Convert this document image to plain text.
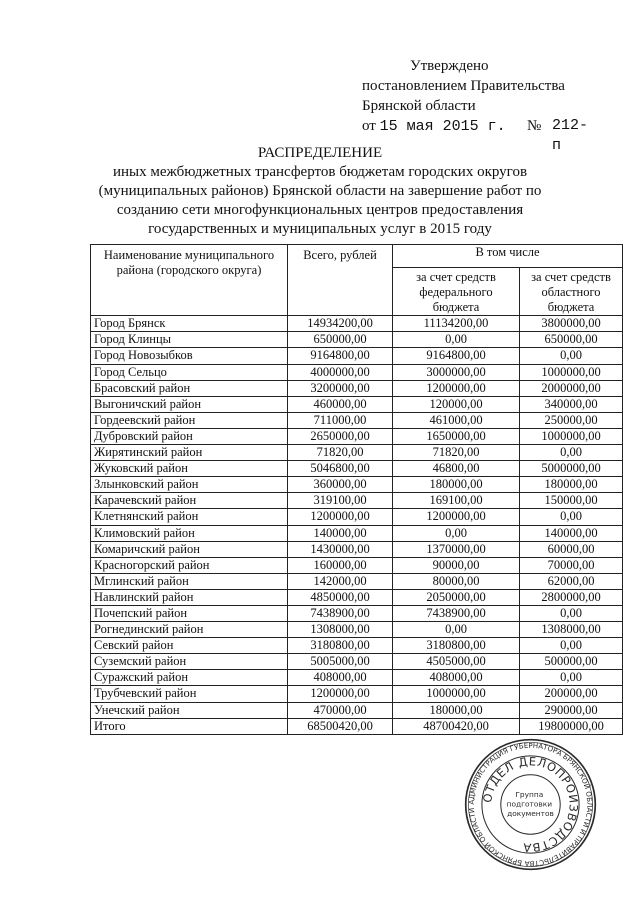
Утверждено
постановлением Правительства
Брянской области
от 15 мая 2015 г.	№ 212-п
РАСПРЕДЕЛЕНИЕ
иных межбюджетных трансфертов бюджетам городских округов
(муниципальных районов) Брянской области на завершение работ по
созданию сети многофункциональных центров предоставления
государственных и муниципальных услуг в 2015 году
Наименование муниципального района (городского округа)	Всего, рублей	В том числе	
		за счет средств федерального бюджета	за счет средств областного бюджета
Город Брянск	14934200,00	11134200,00	3800000,00
Город Клинцы	650000,00	0,00	650000,00
Город Новозыбков	9164800,00	9164800,00	0,00
Город Сельцо	4000000,00	3000000,00	1000000,00
Брасовский район	3200000,00	1200000,00	2000000,00
Выгоничский район	460000,00	120000,00	340000,00
Гордеевский район	711000,00	461000,00	250000,00
Дубровский район	2650000,00	1650000,00	1000000,00
Жирятинский район	71820,00	71820,00	0,00
Жуковский район	5046800,00	46800,00	5000000,00
Злынковский район	360000,00	180000,00	180000,00
Карачевский район	319100,00	169100,00	150000,00
Клетнянский район	1200000,00	1200000,00	0,00
Климовский район	140000,00	0,00	140000,00
Комаричский район	1430000,00	1370000,00	60000,00
Красногорский район	160000,00	90000,00	70000,00
Мглинский район	142000,00	80000,00	62000,00
Навлинский район	4850000,00	2050000,00	2800000,00
Почепский район	7438900,00	7438900,00	0,00
Рогнединский район	1308000,00	0,00	1308000,00
Севский район	3180800,00	3180800,00	0,00
Суземский район	5005000,00	4505000,00	500000,00
Суражский район	408000,00	408000,00	0,00
Трубчевский район	1200000,00	1000000,00	200000,00
Унечский район	470000,00	180000,00	290000,00
Итого	68500420,00	48700420,00	19800000,00
АДМИНИСТРАЦИЯ ГУБЕРНАТОРА БРЯНСКОЙ ОБЛАСТИ И ПРАВИТЕЛЬСТВА БРЯНСКОЙ ОБЛАСТИ
ОТДЕЛ ДЕЛОПРОИЗВОДСТВА
Группа подготовки документов
